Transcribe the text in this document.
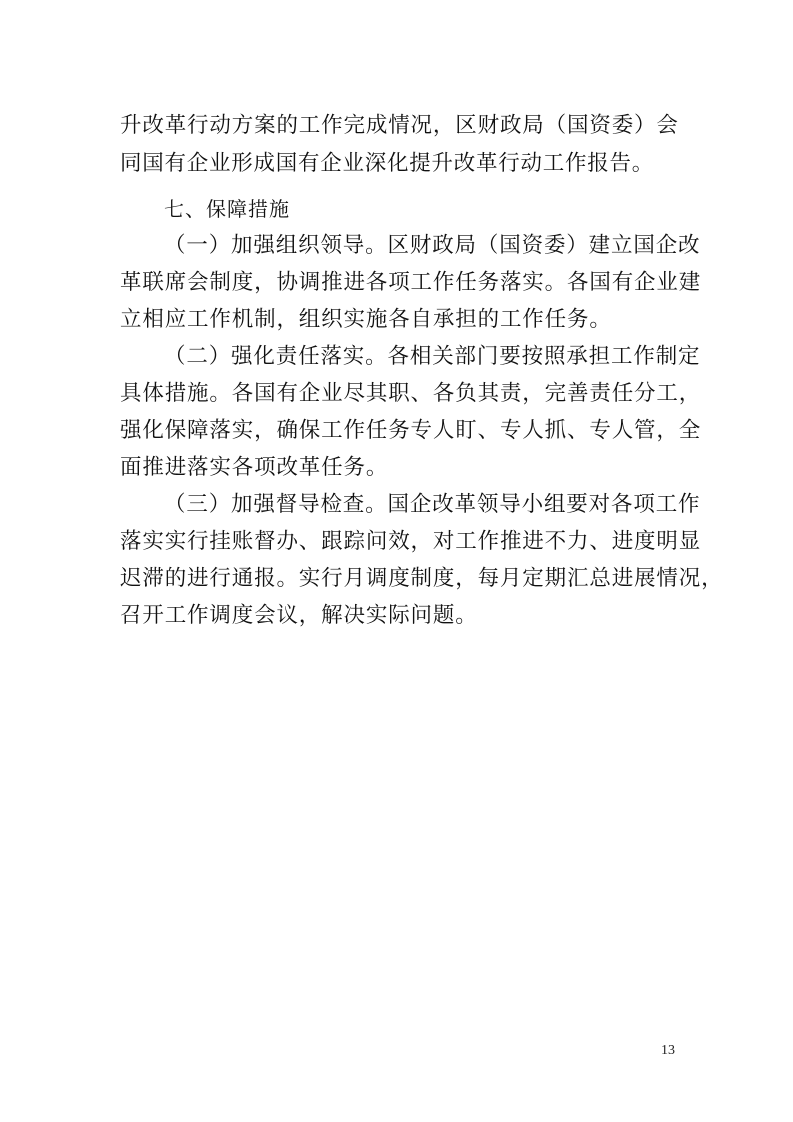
升改革行动方案的工作完成情况，区财政局（国资委）会
同国有企业形成国有企业深化提升改革行动工作报告。
七、保障措施
（一）加强组织领导。区财政局（国资委）建立国企改
革联席会制度，协调推进各项工作任务落实。各国有企业建
立相应工作机制，组织实施各自承担的工作任务。
（二）强化责任落实。各相关部门要按照承担工作制定
具体措施。各国有企业尽其职、各负其责，完善责任分工，
强化保障落实，确保工作任务专人盯、专人抓、专人管，全
面推进落实各项改革任务。
（三）加强督导检查。国企改革领导小组要对各项工作
落实实行挂账督办、跟踪问效，对工作推进不力、进度明显
迟滞的进行通报。实行月调度制度，每月定期汇总进展情况，
召开工作调度会议，解决实际问题。
13
